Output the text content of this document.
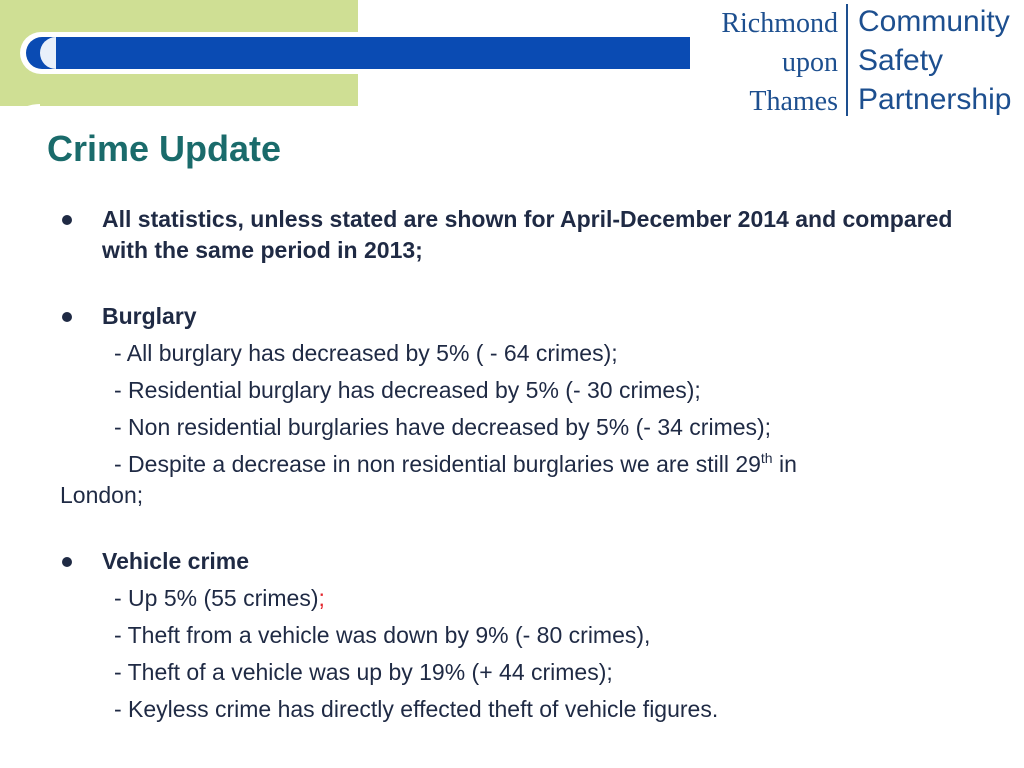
Richmond
upon
Thames
Community
Safety
Partnership
Crime Update
All statistics, unless stated are shown for April-December 2014 and compared with the same period in 2013;
Burglary
- All burglary has decreased by 5% ( - 64 crimes);
- Residential burglary has decreased by 5% (- 30 crimes);
- Non residential burglaries have decreased by 5% (- 34 crimes);
- Despite a decrease in non residential burglaries we are still 29th in
London;
Vehicle crime
- Up 5% (55 crimes);
- Theft from a vehicle was down by 9% (- 80 crimes),
- Theft of a vehicle was up by 19% (+ 44 crimes);
- Keyless crime has directly effected theft of vehicle figures.
